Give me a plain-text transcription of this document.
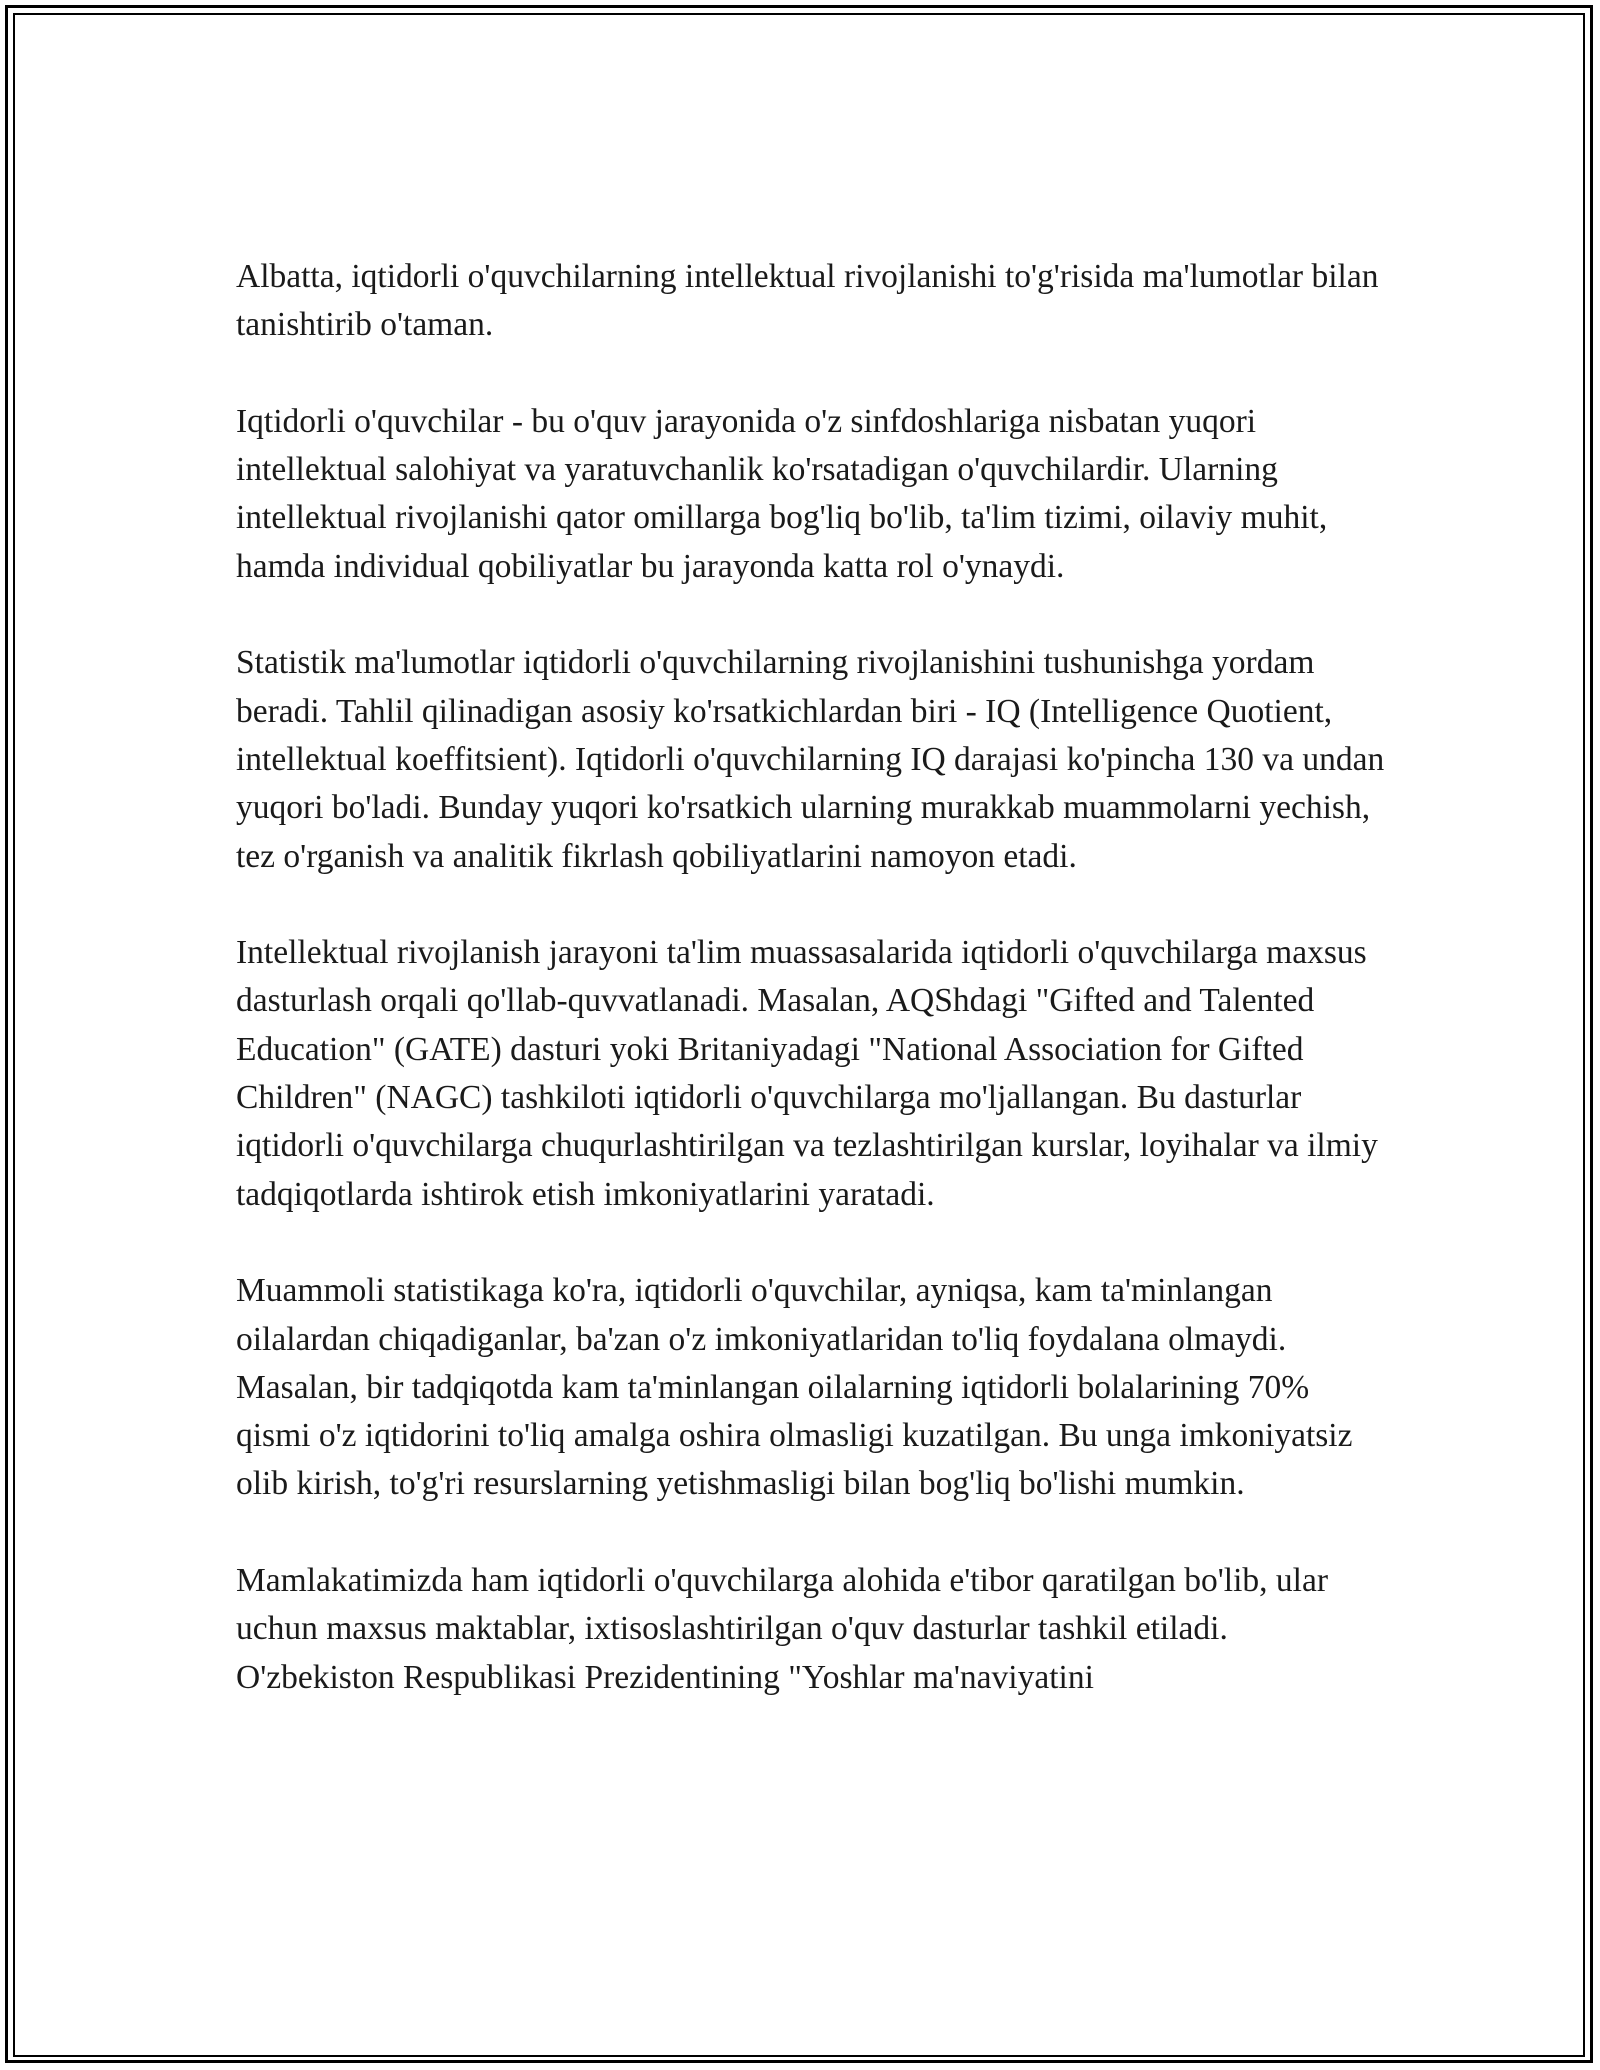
Albatta, iqtidorli o'quvchilarning intellektual rivojlanishi to'g'risida ma'lumotlar bilan tanishtirib o'taman.

Iqtidorli o'quvchilar - bu o'quv jarayonida o'z sinfdoshlariga nisbatan yuqori intellektual salohiyat va yaratuvchanlik ko'rsatadigan o'quvchilardir. Ularning intellektual rivojlanishi qator omillarga bog'liq bo'lib, ta'lim tizimi, oilaviy muhit, hamda individual qobiliyatlar bu jarayonda katta rol o'ynaydi.

Statistik ma'lumotlar iqtidorli o'quvchilarning rivojlanishini tushunishga yordam beradi. Tahlil qilinadigan asosiy ko'rsatkichlardan biri - IQ (Intelligence Quotient, intellektual koeffitsient). Iqtidorli o'quvchilarning IQ darajasi ko'pincha 130 va undan yuqori bo'ladi. Bunday yuqori ko'rsatkich ularning murakkab muammolarni yechish, tez o'rganish va analitik fikrlash qobiliyatlarini namoyon etadi.

Intellektual rivojlanish jarayoni ta'lim muassasalarida iqtidorli o'quvchilarga maxsus dasturlash orqali qo'llab-quvvatlanadi. Masalan, AQShdagi "Gifted and Talented Education" (GATE) dasturi yoki Britaniyadagi "National Association for Gifted Children" (NAGC) tashkiloti iqtidorli o'quvchilarga mo'ljallangan. Bu dasturlar iqtidorli o'quvchilarga chuqurlashtirilgan va tezlashtirilgan kurslar, loyihalar va ilmiy tadqiqotlarda ishtirok etish imkoniyatlarini yaratadi.

Muammoli statistikaga ko'ra, iqtidorli o'quvchilar, ayniqsa, kam ta'minlangan oilalardan chiqadiganlar, ba'zan o'z imkoniyatlaridan to'liq foydalana olmaydi. Masalan, bir tadqiqotda kam ta'minlangan oilalarning iqtidorli bolalarining 70% qismi o'z iqtidorini to'liq amalga oshira olmasligi kuzatilgan. Bu unga imkoniyatsiz olib kirish, to'g'ri resurslarning yetishmasligi bilan bog'liq bo'lishi mumkin.

Mamlakatimizda ham iqtidorli o'quvchilarga alohida e'tibor qaratilgan bo'lib, ular uchun maxsus maktablar, ixtisoslashtirilgan o'quv dasturlar tashkil etiladi. O'zbekiston Respublikasi Prezidentining "Yoshlar ma'naviyatini
